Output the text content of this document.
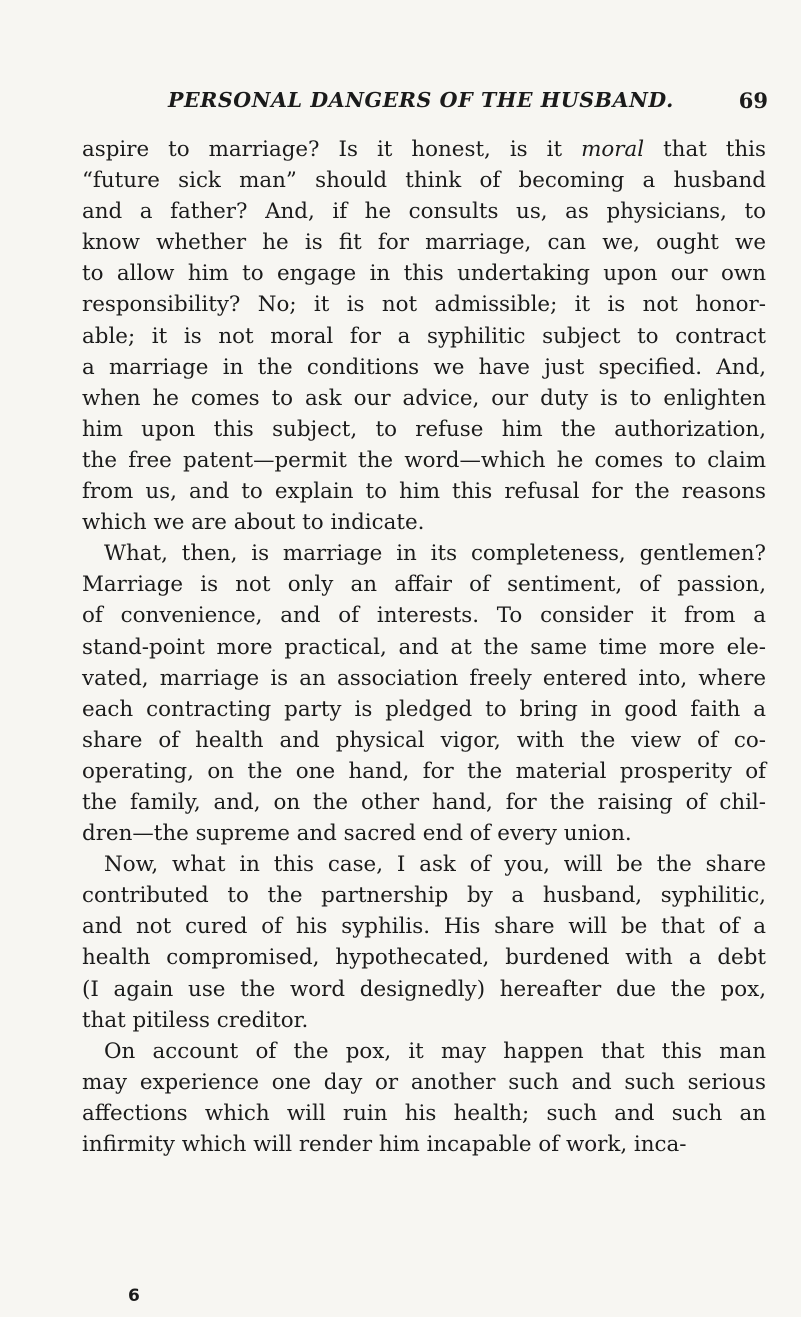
PERSONAL DANGERS OF THE HUSBAND.	69
aspire to marriage? Is it honest, is it moral that this
“future sick man” should think of becoming a husband
and a father? And, if he consults us, as physicians, to
know whether he is fit for marriage, can we, ought we
to allow him to engage in this undertaking upon our own
responsibility? No; it is not admissible; it is not honor-
able; it is not moral for a syphilitic subject to contract
a marriage in the conditions we have just specified. And,
when he comes to ask our advice, our duty is to enlighten
him upon this subject, to refuse him the authorization,
the free patent—permit the word—which he comes to claim
from us, and to explain to him this refusal for the reasons
which we are about to indicate.
What, then, is marriage in its completeness, gentlemen?
Marriage is not only an affair of sentiment, of passion,
of convenience, and of interests. To consider it from a
stand-point more practical, and at the same time more ele-
vated, marriage is an association freely entered into, where
each contracting party is pledged to bring in good faith a
share of health and physical vigor, with the view of co-
operating, on the one hand, for the material prosperity of
the family, and, on the other hand, for the raising of chil-
dren—the supreme and sacred end of every union.
Now, what in this case, I ask of you, will be the share
contributed to the partnership by a husband, syphilitic,
and not cured of his syphilis. His share will be that of a
health compromised, hypothecated, burdened with a debt
(I again use the word designedly) hereafter due the pox,
that pitiless creditor.
On account of the pox, it may happen that this man
may experience one day or another such and such serious
affections which will ruin his health; such and such an
infirmity which will render him incapable of work, inca-
6
